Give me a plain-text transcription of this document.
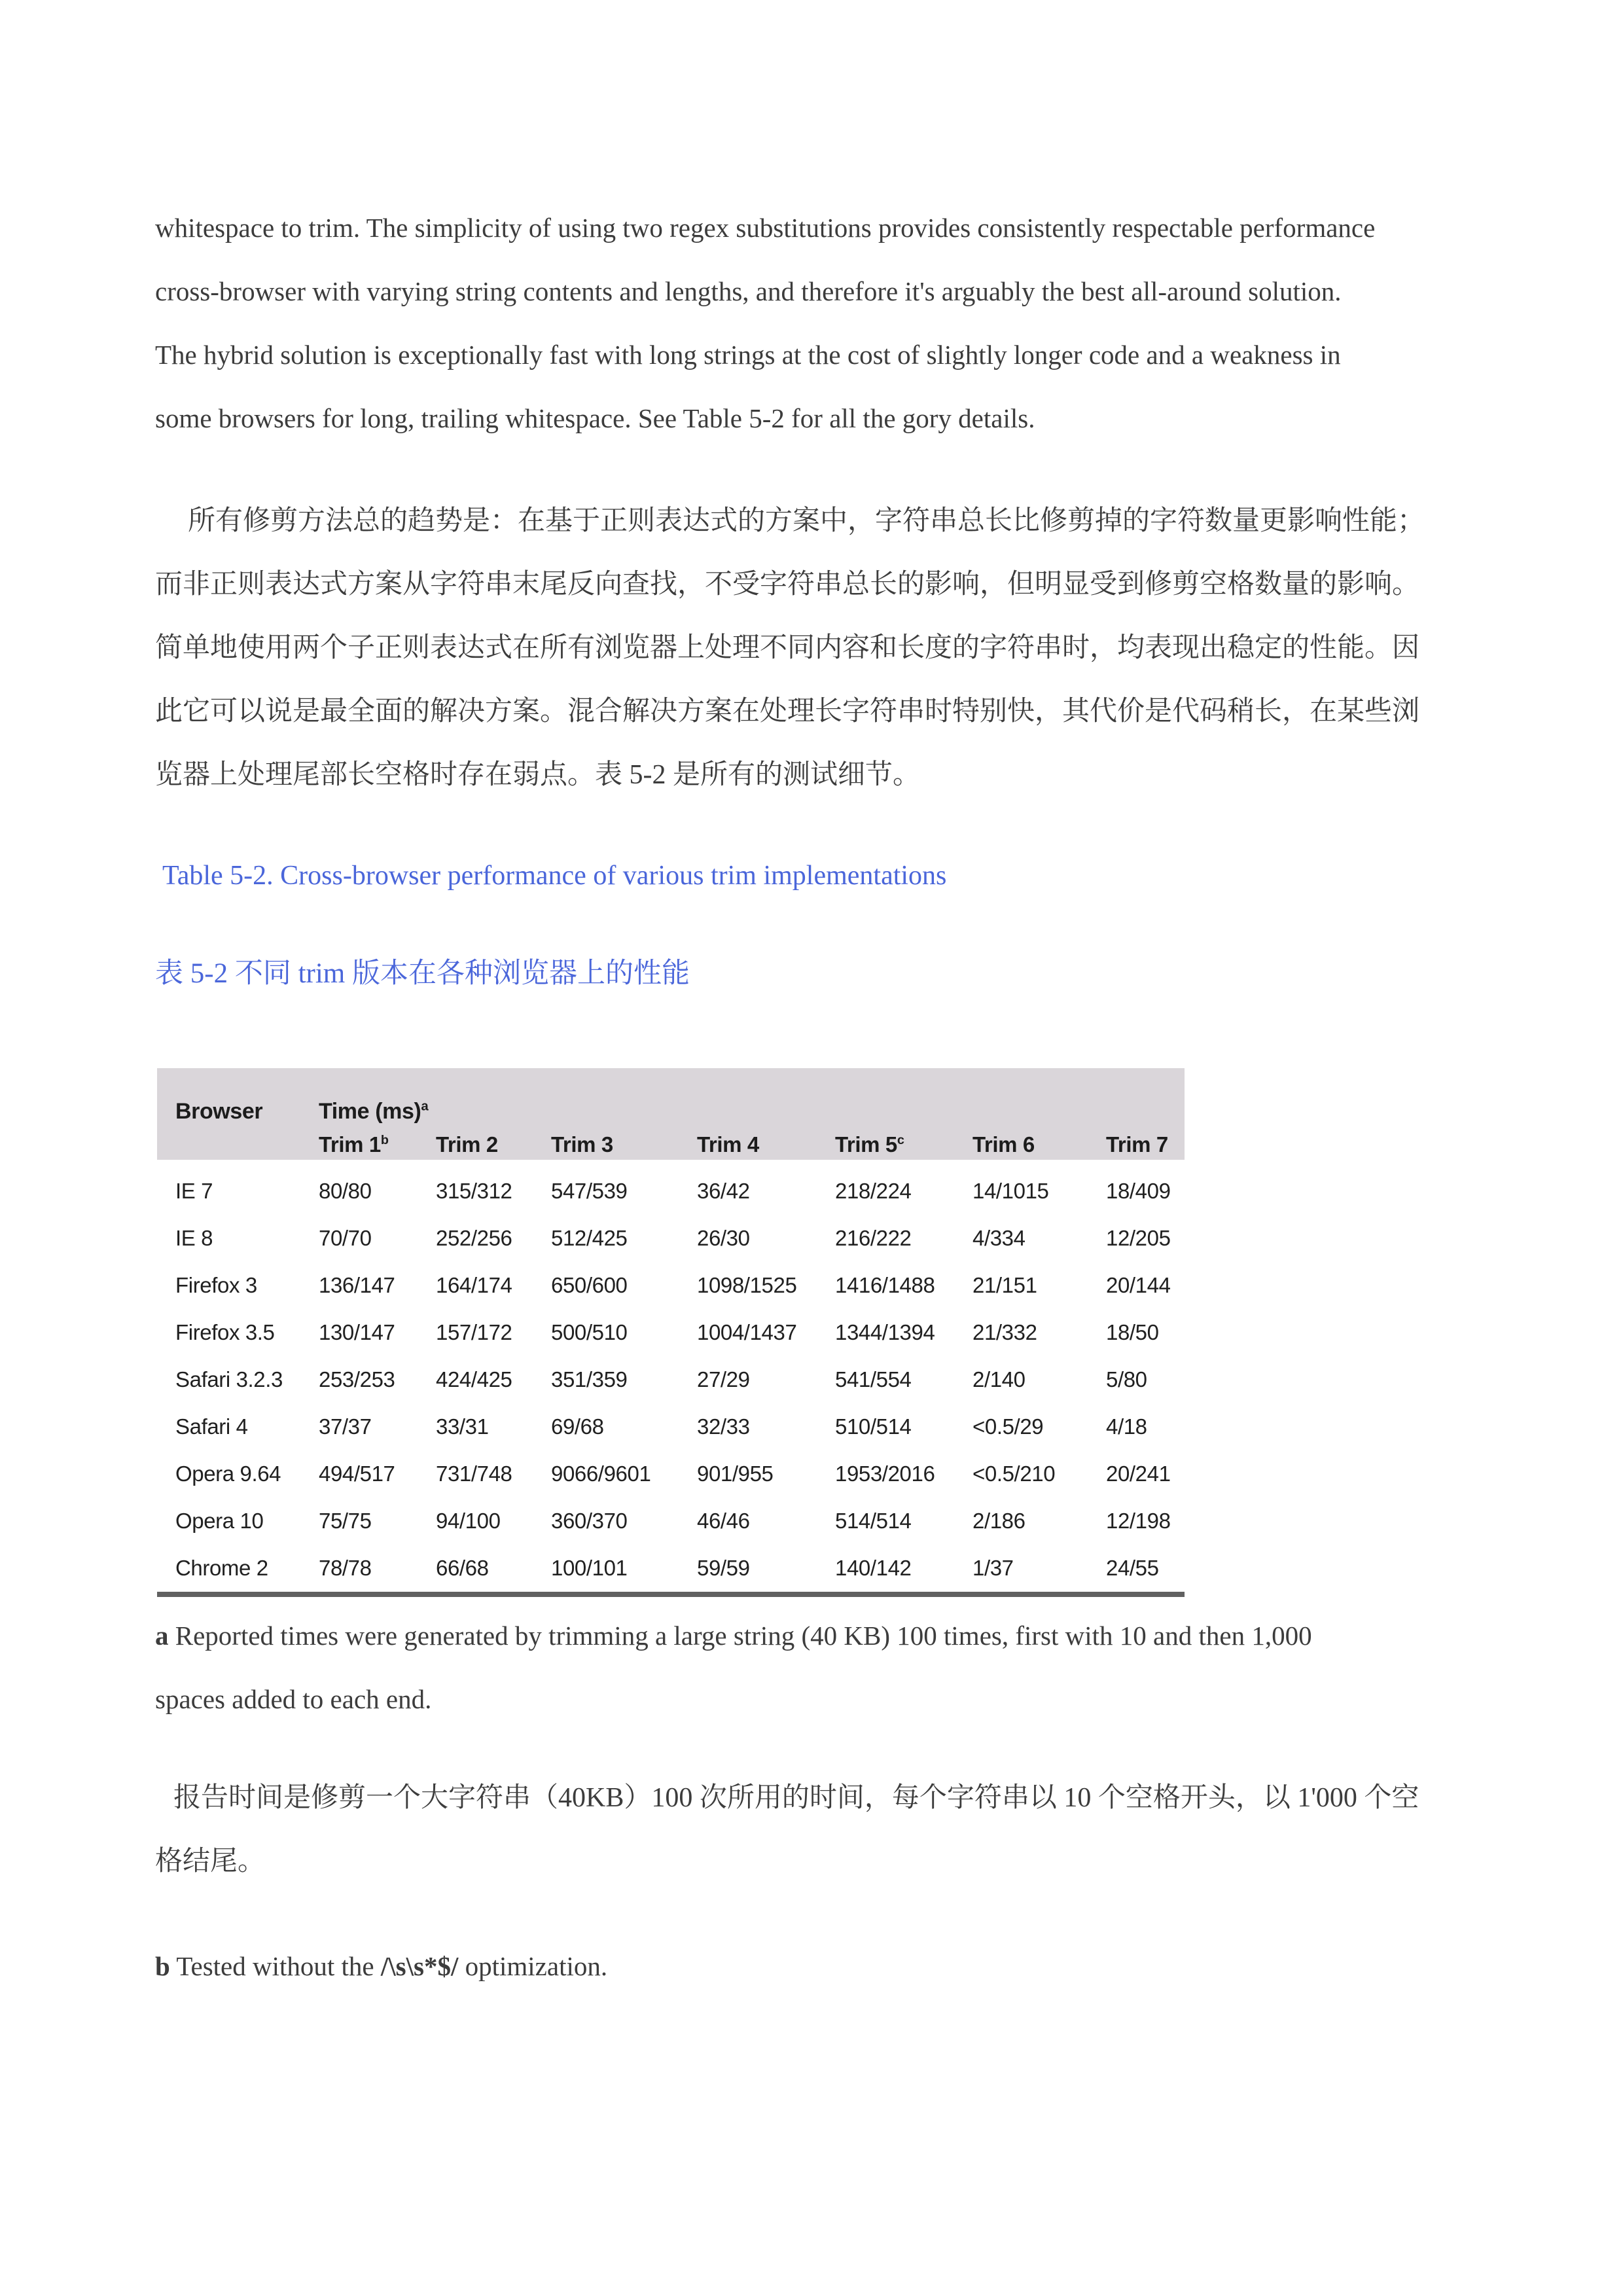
whitespace to trim. The simplicity of using two regex substitutions provides consistently respectable performance
cross-browser with varying string contents and lengths, and therefore it's arguably the best all-around solution.
The hybrid solution is exceptionally fast with long strings at the cost of slightly longer code and a weakness in
some browsers for long, trailing whitespace. See Table 5-2 for all the gory details.
所有修剪方法总的趋势是：在基于正则表达式的方案中，字符串总长比修剪掉的字符数量更影响性能；
而非正则表达式方案从字符串末尾反向查找，不受字符串总长的影响，但明显受到修剪空格数量的影响。
简单地使用两个子正则表达式在所有浏览器上处理不同内容和长度的字符串时，均表现出稳定的性能。因
此它可以说是最全面的解决方案。混合解决方案在处理长字符串时特别快，其代价是代码稍长，在某些浏
览器上处理尾部长空格时存在弱点。表 5-2 是所有的测试细节。
Table 5-2. Cross-browser performance of various trim implementations
表 5-2 不同 trim 版本在各种浏览器上的性能
Browser	Time (ms)$^a$
Trim 1$^b$	Trim 2	Trim 3	Trim 4	Trim 5$^c$	Trim 6	Trim 7
IE 7	80/80	315/312	547/539	36/42	218/224	14/1015	18/409
IE 8	70/70	252/256	512/425	26/30	216/222	4/334	12/205
Firefox 3	136/147	164/174	650/600	1098/1525	1416/1488	21/151	20/144
Firefox 3.5	130/147	157/172	500/510	1004/1437	1344/1394	21/332	18/50
Safari 3.2.3	253/253	424/425	351/359	27/29	541/554	2/140	5/80
Safari 4	37/37	33/31	69/68	32/33	510/514	<0.5/29	4/18
Opera 9.64	494/517	731/748	9066/9601	901/955	1953/2016	<0.5/210	20/241
Opera 10	75/75	94/100	360/370	46/46	514/514	2/186	12/198
Chrome 2	78/78	66/68	100/101	59/59	140/142	1/37	24/55
a Reported times were generated by trimming a large string (40 KB) 100 times, first with 10 and then 1,000
spaces added to each end.
报告时间是修剪一个大字符串（40KB）100 次所用的时间，每个字符串以 10 个空格开头，以 1'000 个空
格结尾。
b Tested without the /\s\s*$/ optimization.
